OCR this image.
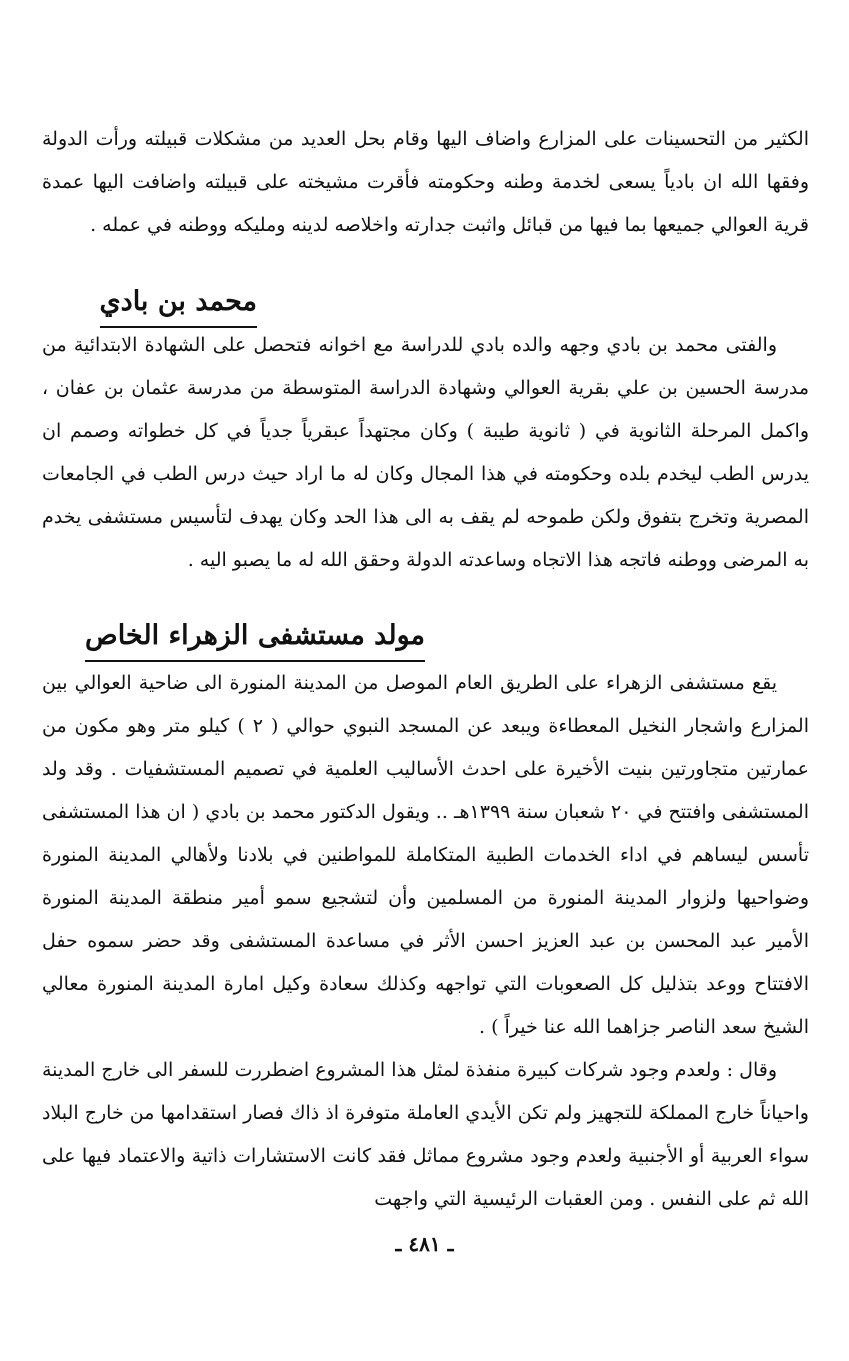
الكثير من التحسينات على المزارع واضاف اليها وقام بحل العديد من مشكلات قبيلته ورأت الدولة وفقها الله ان بادياً يسعى لخدمة وطنه وحكومته فأقرت مشيخته على قبيلته واضافت اليها عمدة قرية العوالي جميعها بما فيها من قبائل واثبت جدارته واخلاصه لدينه ومليكه ووطنه في عمله .

محمد بن بادي

والفتى محمد بن بادي وجهه والده بادي للدراسة مع اخوانه فتحصل على الشهادة الابتدائية من مدرسة الحسين بن علي بقرية العوالي وشهادة الدراسة المتوسطة من مدرسة عثمان بن عفان ، واكمل المرحلة الثانوية في ( ثانوية طيبة ) وكان مجتهداً عبقرياً جدياً في كل خطواته وصمم ان يدرس الطب ليخدم بلده وحكومته في هذا المجال وكان له ما اراد حيث درس الطب في الجامعات المصرية وتخرج بتفوق ولكن طموحه لم يقف به الى هذا الحد وكان يهدف لتأسيس مستشفى يخدم به المرضى ووطنه فاتجه هذا الاتجاه وساعدته الدولة وحقق الله له ما يصبو اليه .

مولد مستشفى الزهراء الخاص

يقع مستشفى الزهراء على الطريق العام الموصل من المدينة المنورة الى ضاحية العوالي بين المزارع واشجار النخيل المعطاءة ويبعد عن المسجد النبوي حوالي ( ٢ ) كيلو متر وهو مكون من عمارتين متجاورتين بنيت الأخيرة على احدث الأساليب العلمية في تصميم المستشفيات . وقد ولد المستشفى وافتتح في ٢٠ شعبان سنة ١٣٩٩هـ .. ويقول الدكتور محمد بن بادي ( ان هذا المستشفى تأسس ليساهم في اداء الخدمات الطبية المتكاملة للمواطنين في بلادنا ولأهالي المدينة المنورة وضواحيها ولزوار المدينة المنورة من المسلمين وأن لتشجيع سمو أمير منطقة المدينة المنورة الأمير عبد المحسن بن عبد العزيز احسن الأثر في مساعدة المستشفى وقد حضر سموه حفل الافتتاح ووعد بتذليل كل الصعوبات التي تواجهه وكذلك سعادة وكيل امارة المدينة المنورة معالي الشيخ سعد الناصر جزاهما الله عنا خيراً ) .

وقال : ولعدم وجود شركات كبيرة منفذة لمثل هذا المشروع اضطررت للسفر الى خارج المدينة واحياناً خارج المملكة للتجهيز ولم تكن الأيدي العاملة متوفرة اذ ذاك فصار استقدامها من خارج البلاد سواء العربية أو الأجنبية ولعدم وجود مشروع مماثل فقد كانت الاستشارات ذاتية والاعتماد فيها على الله ثم على النفس . ومن العقبات الرئيسية التي واجهت

ـ ٤٨١ ـ
